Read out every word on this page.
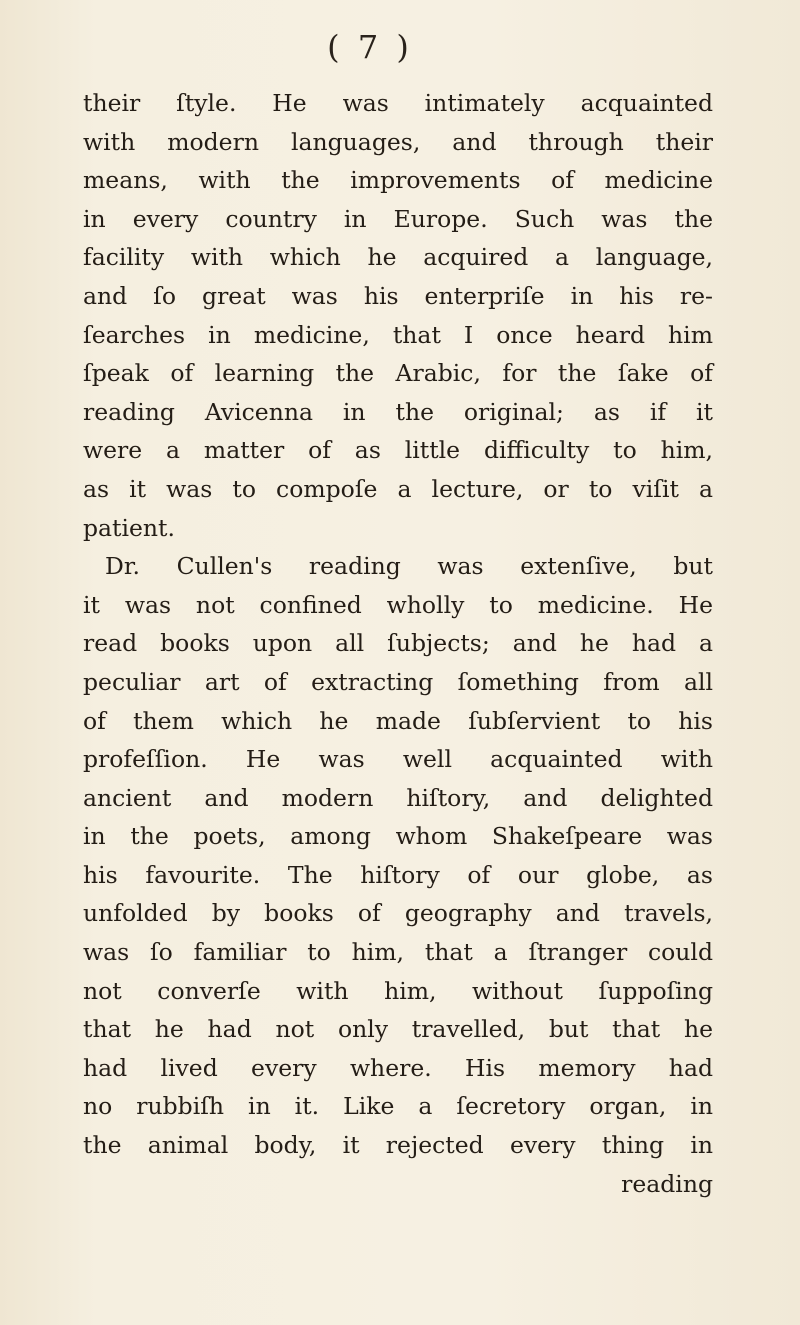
( 7 )
their ſtyle. He was intimately acquainted
with modern languages, and through their
means, with the improvements of medicine
in every country in Europe. Such was the
facility with which he acquired a language,
and ſo great was his enterpriſe in his re-
ſearches in medicine, that I once heard him
ſpeak of learning the Arabic, for the ſake of
reading Avicenna in the original; as if it
were a matter of as little difficulty to him,
as it was to compoſe a lecture, or to viſit a
patient.
Dr. Cullen's reading was extenſive, but
it was not confined wholly to medicine. He
read books upon all ſubjects; and he had a
peculiar art of extracting ſomething from all
of them which he made ſubſervient to his
profeſſion. He was well acquainted with
ancient and modern hiſtory, and delighted
in the poets, among whom Shakeſpeare was
his favourite. The hiſtory of our globe, as
unfolded by books of geography and travels,
was ſo familiar to him, that a ſtranger could
not converſe with him, without ſuppoſing
that he had not only travelled, but that he
had lived every where. His memory had
no rubbiſh in it. Like a ſecretory organ, in
the animal body, it rejected every thing in
reading
